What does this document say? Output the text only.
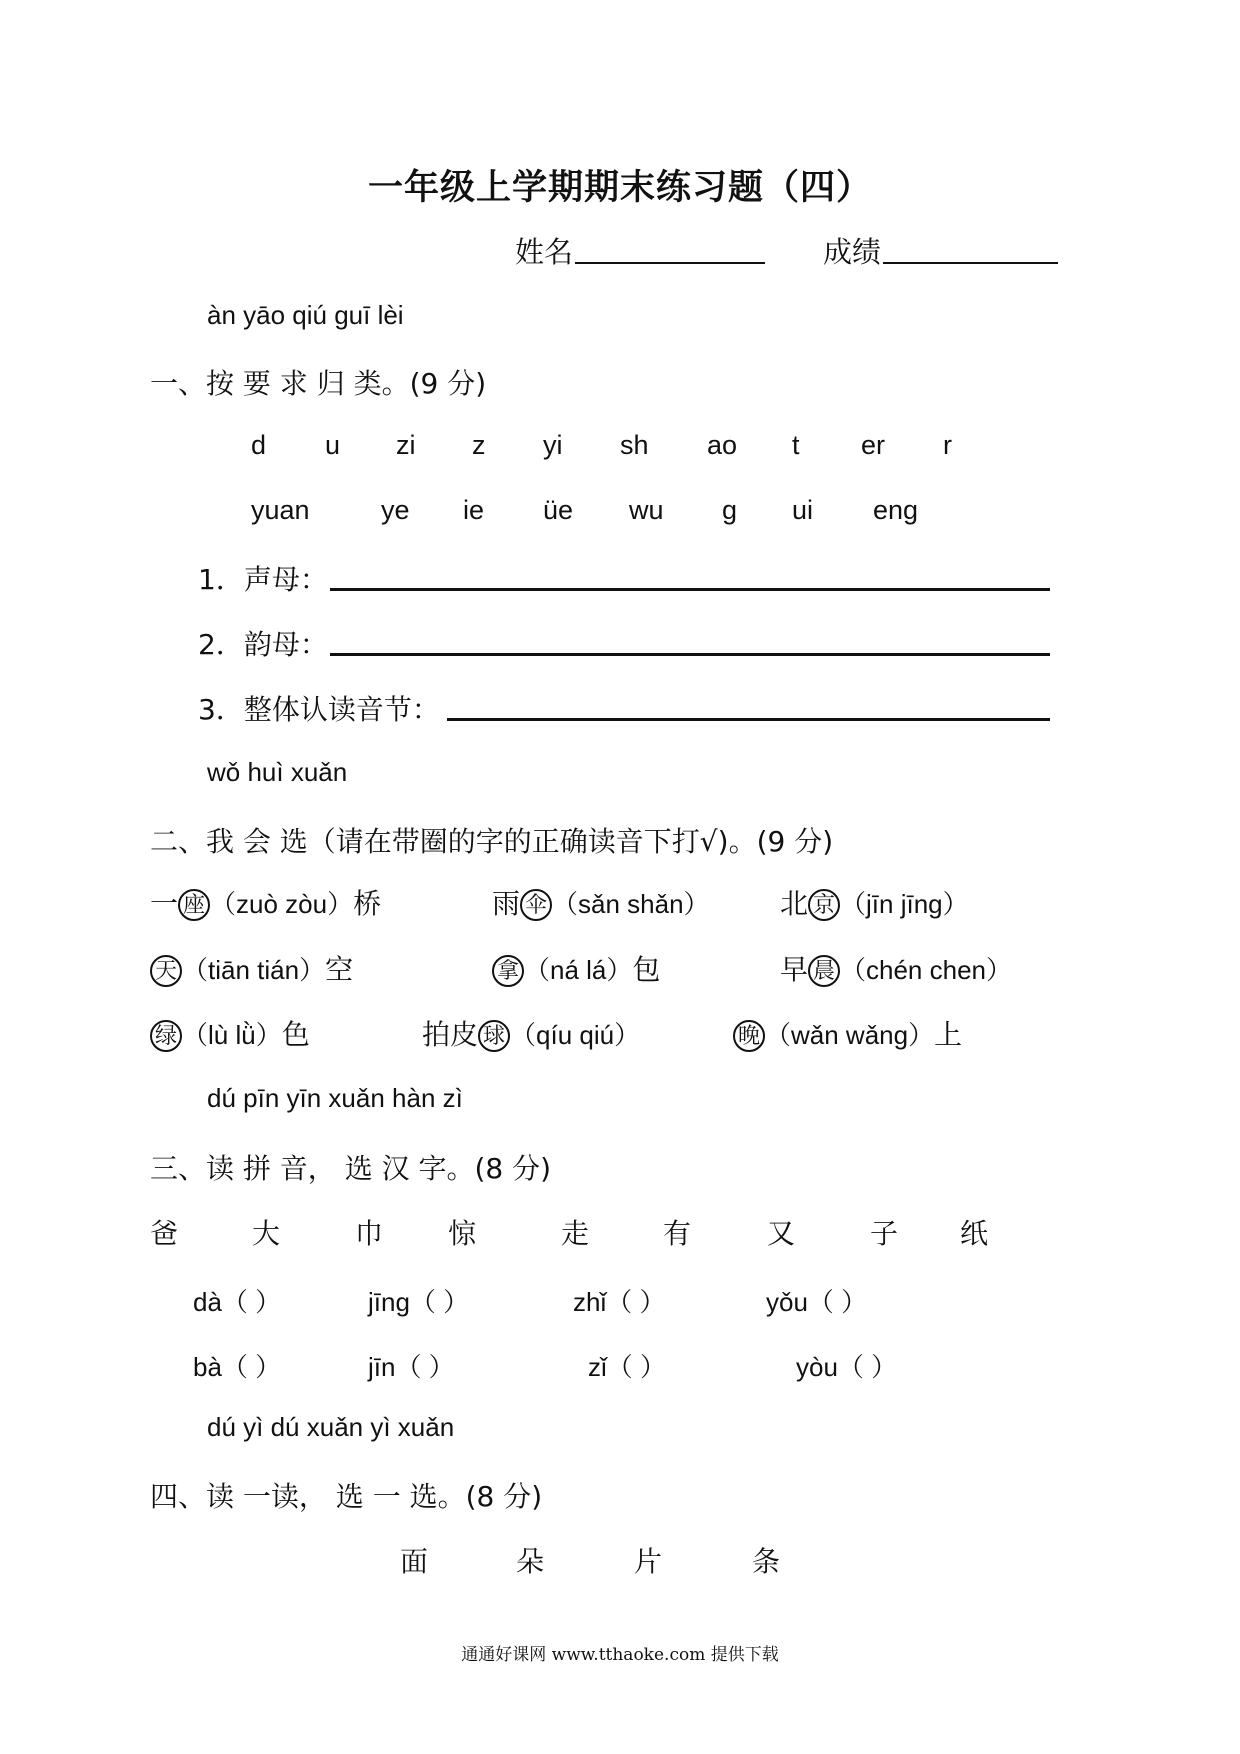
一年级上学期期末练习题（四）
姓名	成绩
àn yāo qiú guī lèi
一、按 要 求 归 类。(9 分)
d u zi z yi sh ao t er r
yuan	ye ie üe wu g ui eng
1．声母：
2．韵母：
3．整体认读音节：
wǒ huì xuǎn
二、我 会 选（请在带圈的字的正确读音下打√)。(9 分)
一 座 （zuò zòu）桥	雨 伞 （sǎn shǎn）	北 京 （jīn jīng）
天 （tiān tián）空	拿 （ná lá）包	早 晨 （chén chen）
绿 （lù lǜ）色	拍皮 球 （qíu qiú）	晚 （wǎn wǎng）上
dú pīn yīn xuǎn hàn zì
三、读 拼 音， 选 汉 字。(8 分)
爸	大	巾 惊	走	有	又	子 纸
dà（ ）	jīng（ ）	zhǐ（ ）	yǒu（ ）
bà（ ）	jīn（ ）	zǐ（ ）	yòu（ ）
dú yì dú xuǎn yì xuǎn
四、读 一读， 选 一 选。(8 分)
面	朵	片	条
通通好课网 www.tthaoke.com 提供下载
